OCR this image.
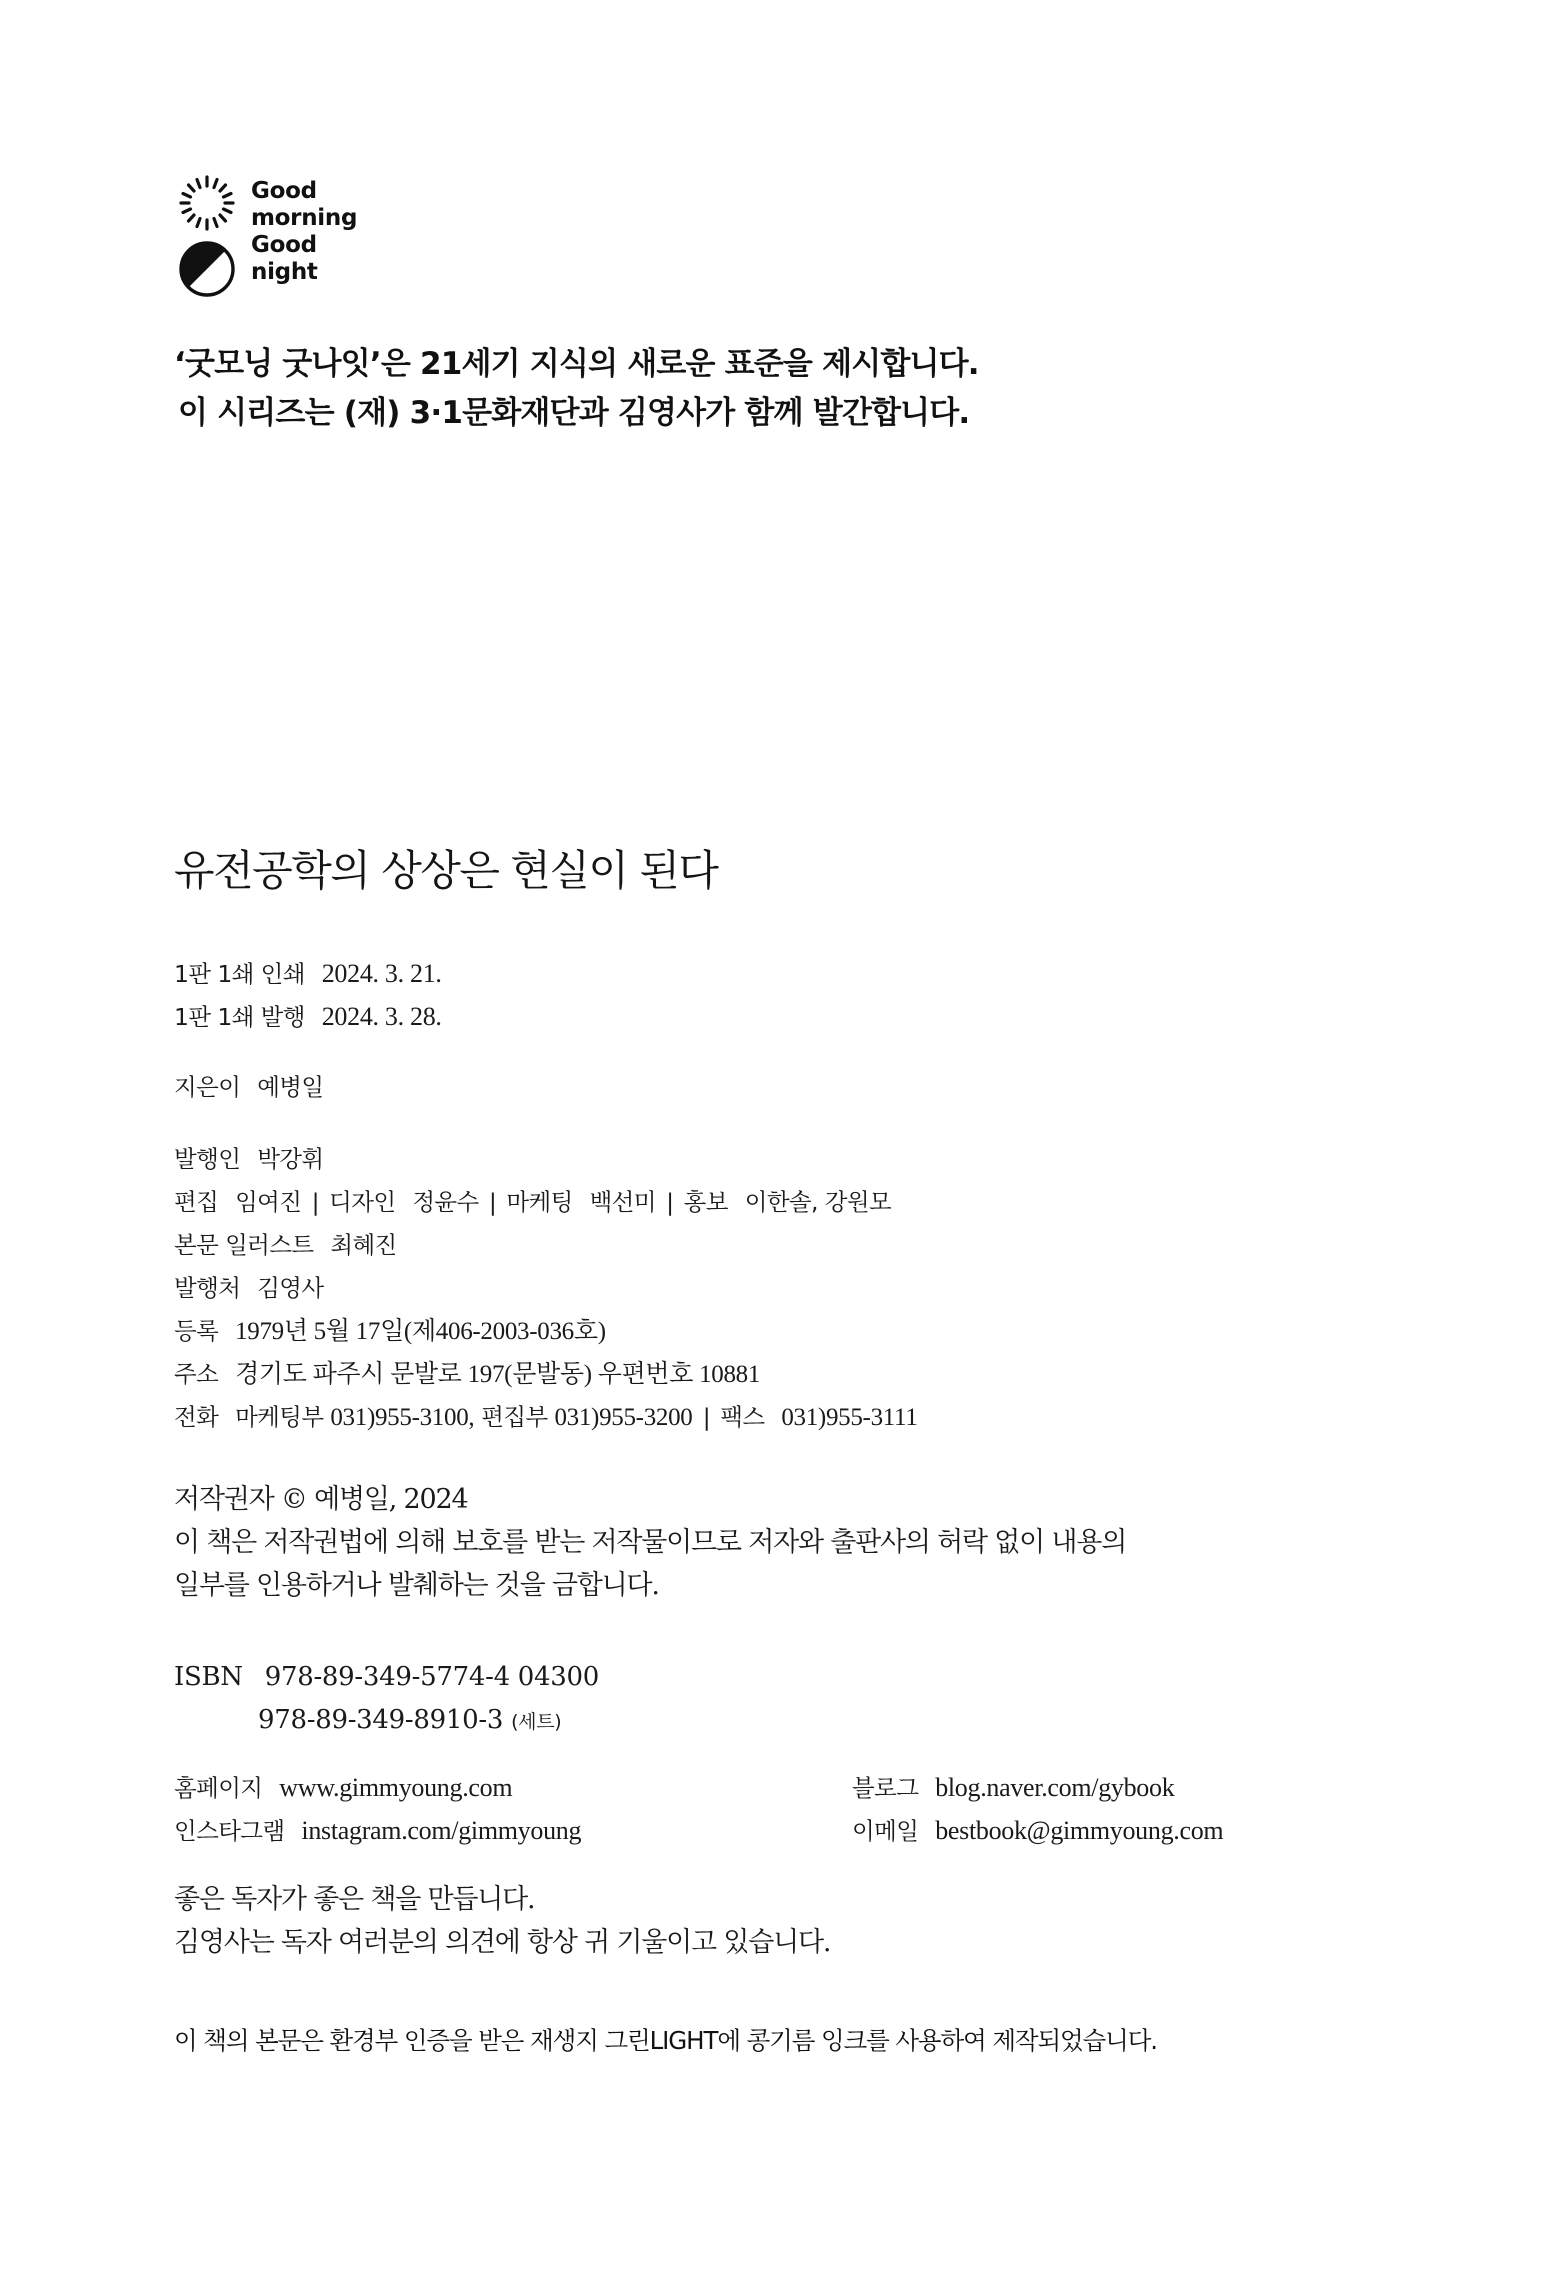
Good
morning
Good
night
‘굿모닝 굿나잇’은 21세기 지식의 새로운 표준을 제시합니다.
이 시리즈는 (재) 3·1문화재단과 김영사가 함께 발간합니다.
유전공학의 상상은 현실이 된다
1판 1쇄 인쇄 2024. 3. 21.
1판 1쇄 발행 2024. 3. 28.
지은이 예병일
발행인 박강휘
편집 임여진 | 디자인 정윤수 | 마케팅 백선미 | 홍보 이한솔, 강원모
본문 일러스트 최혜진
발행처 김영사
등록 1979년 5월 17일(제406-2003-036호)
주소 경기도 파주시 문발로 197(문발동) 우편번호 10881
전화 마케팅부 031)955-3100, 편집부 031)955-3200 | 팩스 031)955-3111
저작권자 © 예병일, 2024
이 책은 저작권법에 의해 보호를 받는 저작물이므로 저자와 출판사의 허락 없이 내용의
일부를 인용하거나 발췌하는 것을 금합니다.
ISBN 978-89-349-5774-4 04300
978-89-349-8910-3 (세트)
홈페이지 www.gimmyoung.com	블로그 blog.naver.com/gybook
인스타그램 instagram.com/gimmyoung	이메일 bestbook@gimmyoung.com
좋은 독자가 좋은 책을 만듭니다.
김영사는 독자 여러분의 의견에 항상 귀 기울이고 있습니다.
이 책의 본문은 환경부 인증을 받은 재생지 그린LIGHT에 콩기름 잉크를 사용하여 제작되었습니다.
